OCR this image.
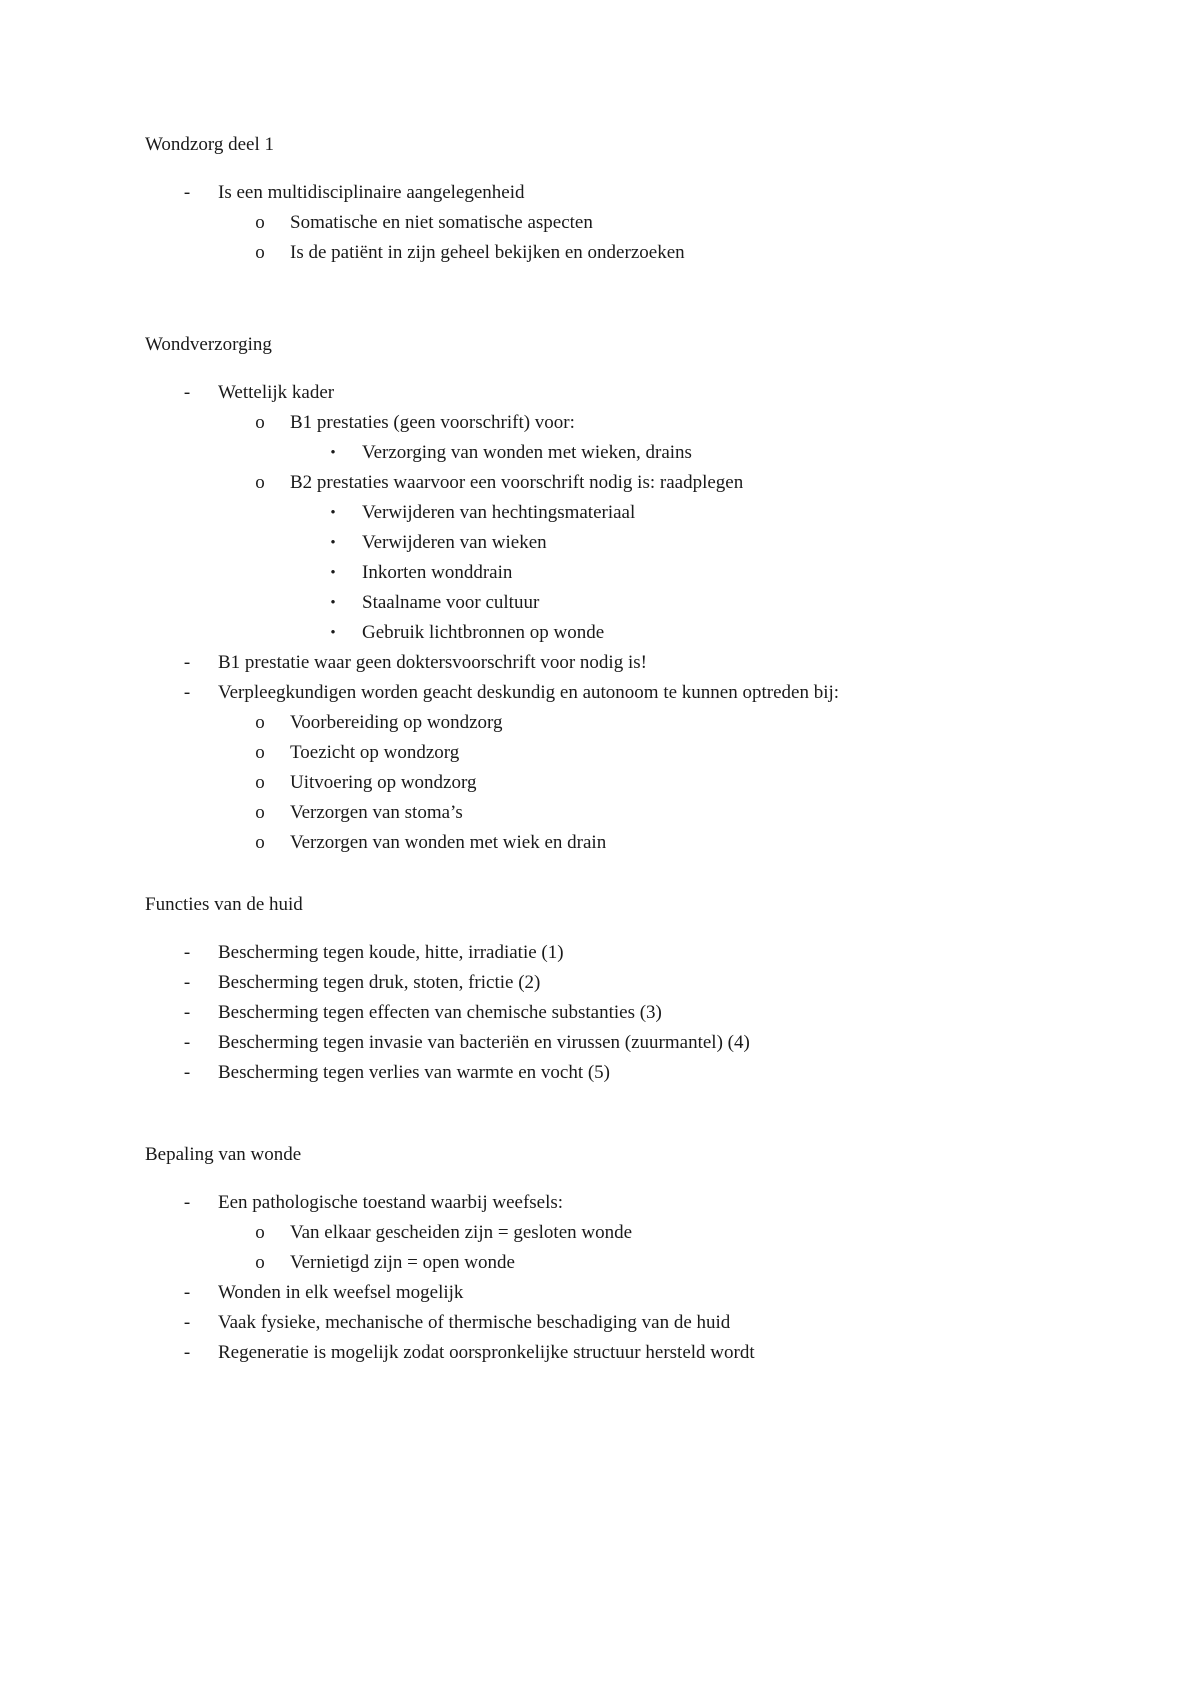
Wondzorg deel 1
-	Is een multidisciplinaire aangelegenheid
o	Somatische en niet somatische aspecten
o	Is de patiënt in zijn geheel bekijken en onderzoeken
Wondverzorging
-	Wettelijk kader
o	B1 prestaties (geen voorschrift) voor:
•	Verzorging van wonden met wieken, drains
o	B2 prestaties waarvoor een voorschrift nodig is: raadplegen
•	Verwijderen van hechtingsmateriaal
•	Verwijderen van wieken
•	Inkorten wonddrain
•	Staalname voor cultuur
•	Gebruik lichtbronnen op wonde
-	B1 prestatie waar geen doktersvoorschrift voor nodig is!
-	Verpleegkundigen worden geacht deskundig en autonoom te kunnen optreden bij:
o	Voorbereiding op wondzorg
o	Toezicht op wondzorg
o	Uitvoering op wondzorg
o	Verzorgen van stoma’s
o	Verzorgen van wonden met wiek en drain
Functies van de huid
-	Bescherming tegen koude, hitte, irradiatie (1)
-	Bescherming tegen druk, stoten, frictie (2)
-	Bescherming tegen effecten van chemische substanties (3)
-	Bescherming tegen invasie van bacteriën en virussen (zuurmantel) (4)
-	Bescherming tegen verlies van warmte en vocht (5)
Bepaling van wonde
-	Een pathologische toestand waarbij weefsels:
o	Van elkaar gescheiden zijn = gesloten wonde
o	Vernietigd zijn = open wonde
-	Wonden in elk weefsel mogelijk
-	Vaak fysieke, mechanische of thermische beschadiging van de huid
-	Regeneratie is mogelijk zodat oorspronkelijke structuur hersteld wordt
